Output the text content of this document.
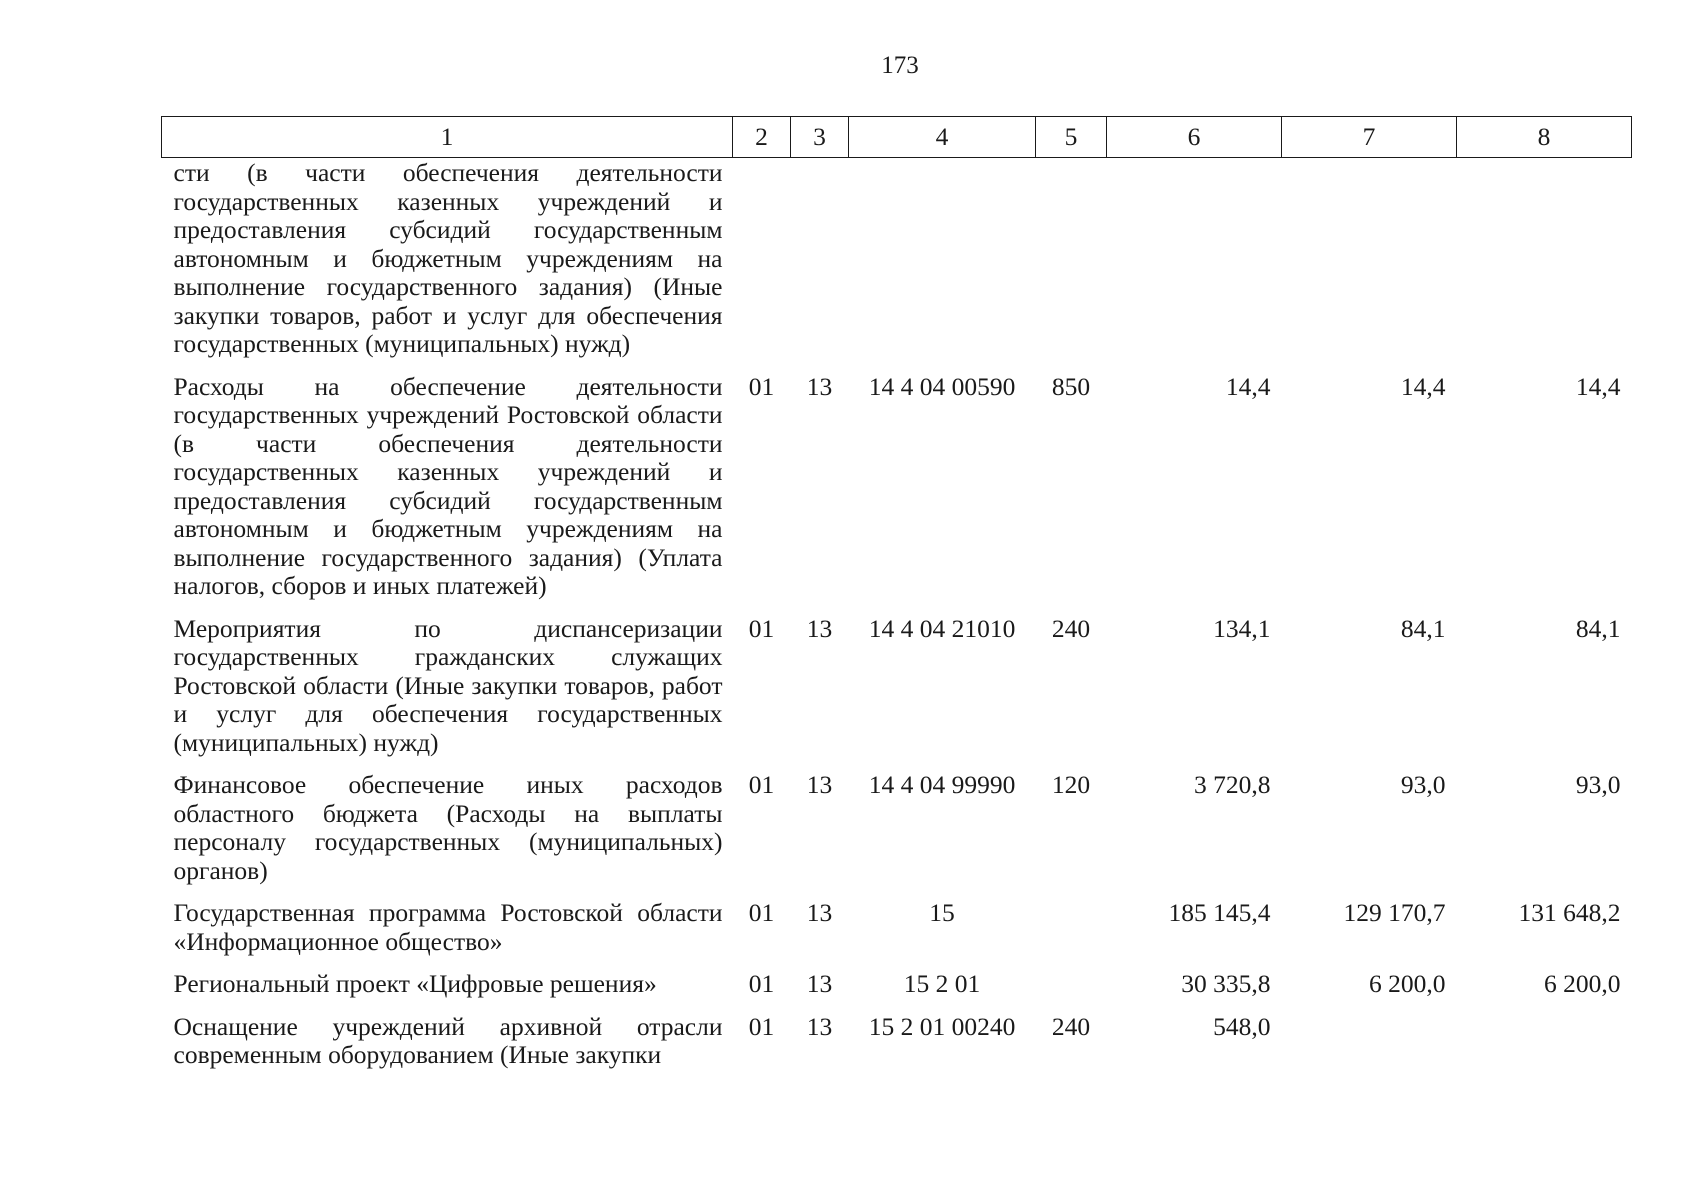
173
1	2	3	4	5	6	7	8
сти (в части обеспечения деятельности государственных казенных учреждений и предоставления субсидий государственным автономным и бюджетным учреждениям на выполнение государственного задания) (Иные закупки товаров, работ и услуг для обеспечения государственных (муниципальных) нужд)							
Расходы на обеспечение деятельности государственных учреждений Ростовской области (в части обеспечения деятельности государственных казенных учреждений и предоставления субсидий государственным автономным и бюджетным учреждениям на выполнение государственного задания) (Уплата налогов, сборов и иных платежей)	01	13	14 4 04 00590	850	14,4	14,4	14,4
Мероприятия по диспансеризации государственных гражданских служащих Ростовской области (Иные закупки товаров, работ и услуг для обеспечения государственных (муниципальных) нужд)	01	13	14 4 04 21010	240	134,1	84,1	84,1
Финансовое обеспечение иных расходов областного бюджета (Расходы на выплаты персоналу государственных (муниципальных) органов)	01	13	14 4 04 99990	120	3 720,8	93,0	93,0
Государственная программа Ростовской области «Информационное общество»	01	13	15		185 145,4	129 170,7	131 648,2
Региональный проект «Цифровые решения»	01	13	15 2 01		30 335,8	6 200,0	6 200,0
Оснащение учреждений архивной отрасли современным оборудованием (Иные закупки	01	13	15 2 01 00240	240	548,0		
